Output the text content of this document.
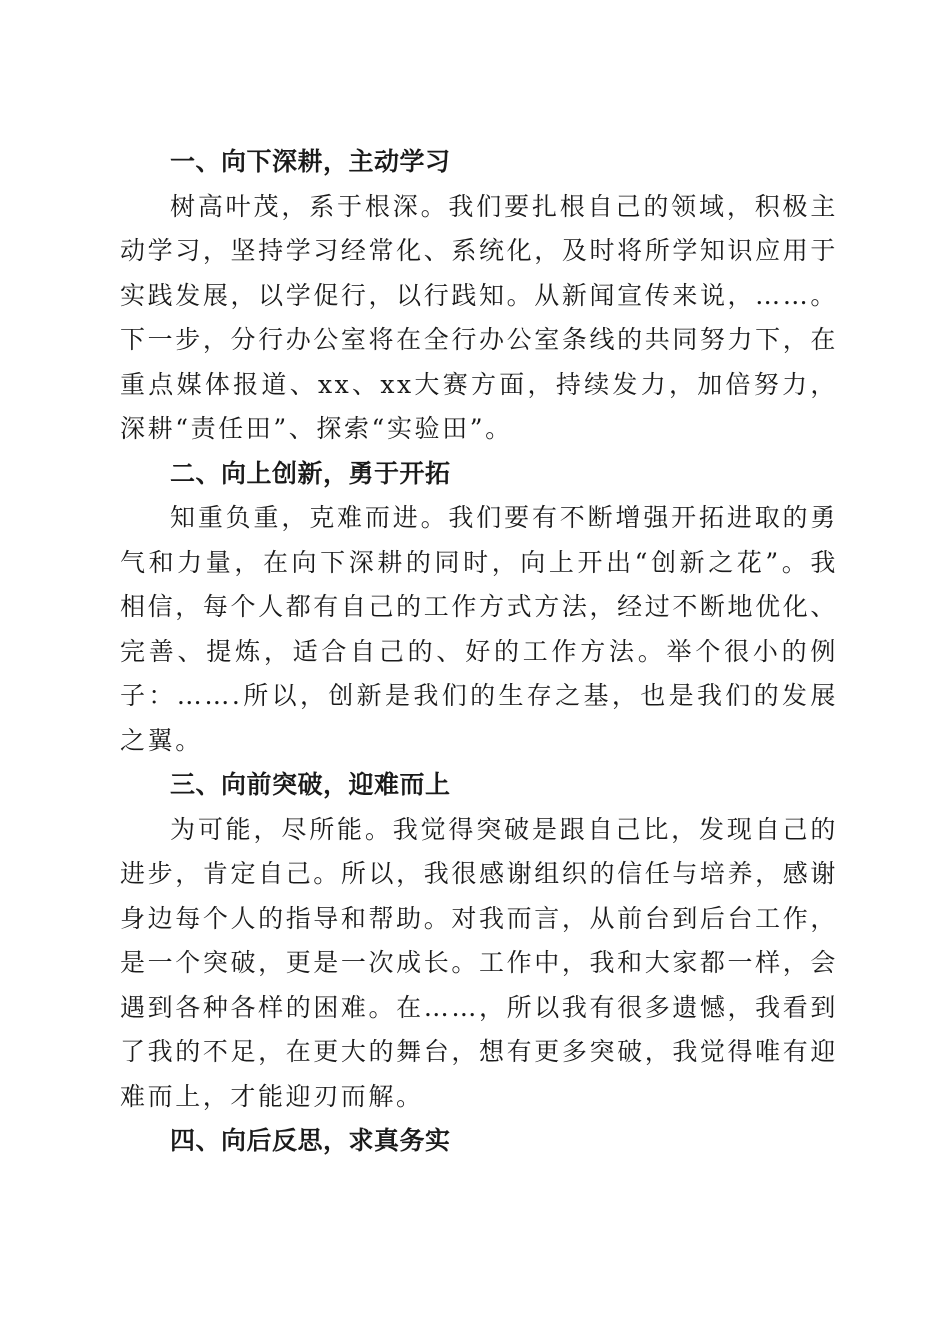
一、向下深耕，主动学习

树高叶茂，系于根深。我们要扎根自己的领域，积极主动学习，坚持学习经常化、系统化，及时将所学知识应用于实践发展，以学促行，以行践知。从新闻宣传来说，……。下一步，分行办公室将在全行办公室条线的共同努力下，在重点媒体报道、xx、xx大赛方面，持续发力，加倍努力，深耕“责任田”、探索“实验田”。

二、向上创新，勇于开拓

知重负重，克难而进。我们要有不断增强开拓进取的勇气和力量，在向下深耕的同时，向上开出“创新之花”。我相信，每个人都有自己的工作方式方法，经过不断地优化、完善、提炼，适合自己的、好的工作方法。举个很小的例子：…….所以，创新是我们的生存之基，也是我们的发展之翼。

三、向前突破，迎难而上

为可能，尽所能。我觉得突破是跟自己比，发现自己的进步，肯定自己。所以，我很感谢组织的信任与培养，感谢身边每个人的指导和帮助。对我而言，从前台到后台工作，是一个突破，更是一次成长。工作中，我和大家都一样，会遇到各种各样的困难。在……，所以我有很多遗憾，我看到了我的不足，在更大的舞台，想有更多突破，我觉得唯有迎难而上，才能迎刃而解。

四、向后反思，求真务实
